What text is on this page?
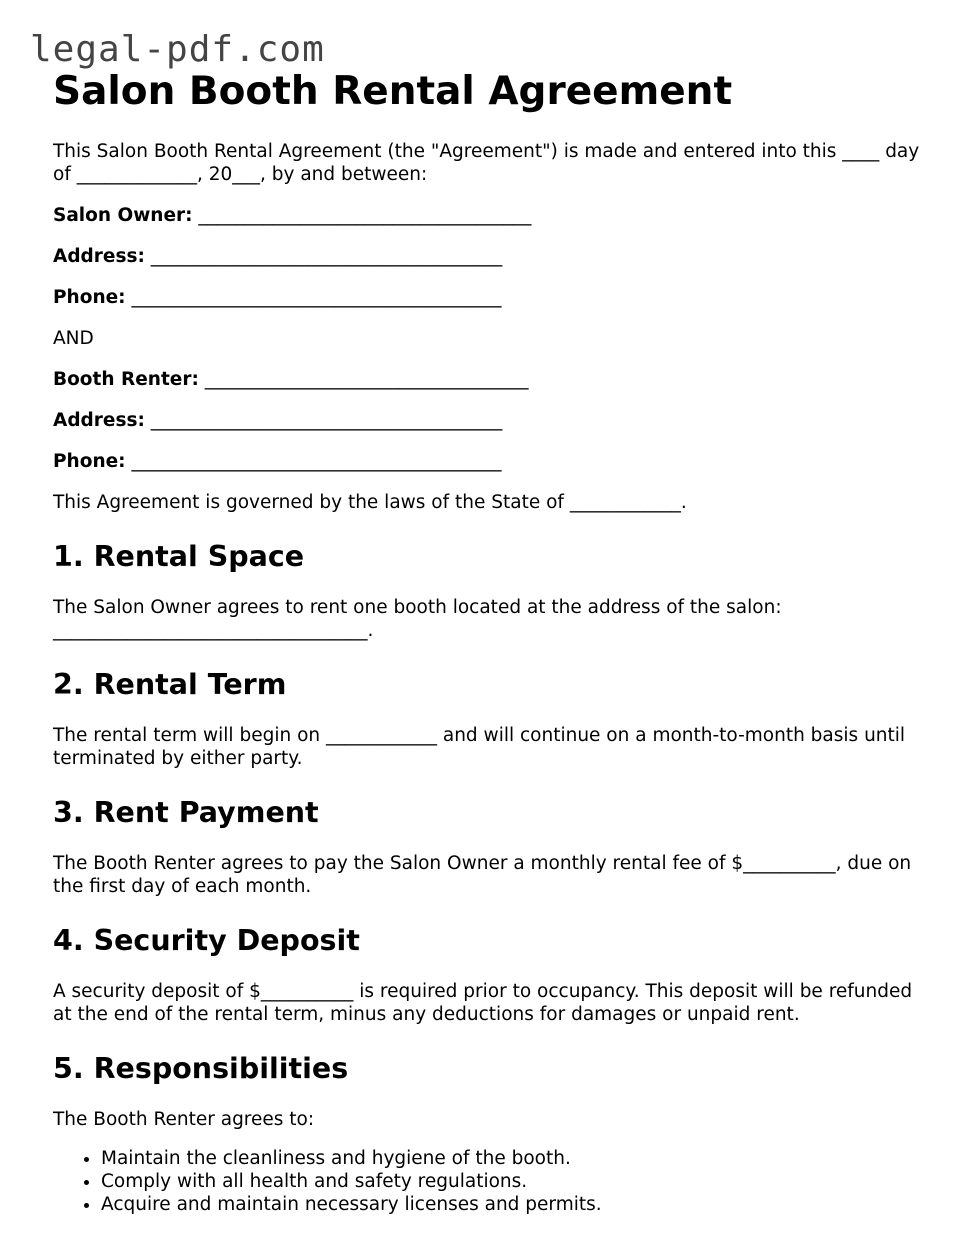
legal-pdf.com
Salon Booth Rental Agreement

This Salon Booth Rental Agreement (the "Agreement") is made and entered into this ____ day of _____________, 20___, by and between:

Salon Owner: ____________________________________

Address: ______________________________________

Phone: ________________________________________

AND

Booth Renter: ___________________________________

Address: ______________________________________

Phone: ________________________________________

This Agreement is governed by the laws of the State of ____________.

1. Rental Space

The Salon Owner agrees to rent one booth located at the address of the salon: __________________________________.

2. Rental Term

The rental term will begin on ____________ and will continue on a month-to-month basis until terminated by either party.

3. Rent Payment

The Booth Renter agrees to pay the Salon Owner a monthly rental fee of $__________, due on the first day of each month.

4. Security Deposit

A security deposit of $__________ is required prior to occupancy. This deposit will be refunded at the end of the rental term, minus any deductions for damages or unpaid rent.

5. Responsibilities

The Booth Renter agrees to:

• Maintain the cleanliness and hygiene of the booth.
• Comply with all health and safety regulations.
• Acquire and maintain necessary licenses and permits.
